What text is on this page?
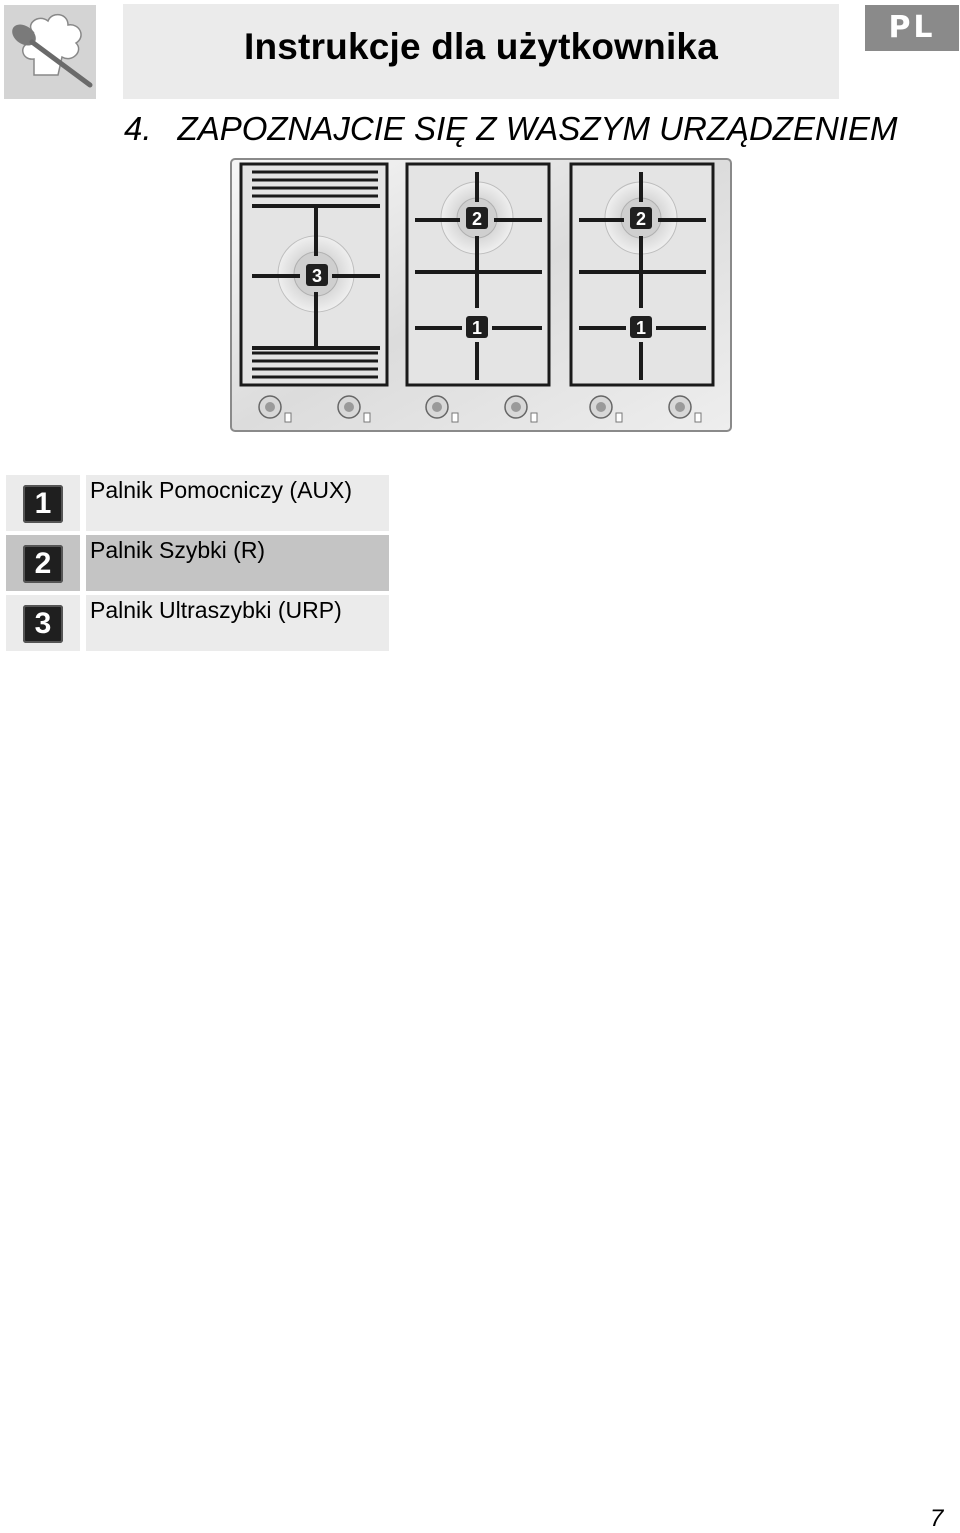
Instrukcje dla użytkownika	PL
4. ZAPOZNAJCIE SIĘ Z WASZYM URZĄDZENIEM
3
2
1
2
1
1	Palnik Pomocniczy (AUX)
2	Palnik Szybki (R)
3	Palnik Ultraszybki (URP)
7
